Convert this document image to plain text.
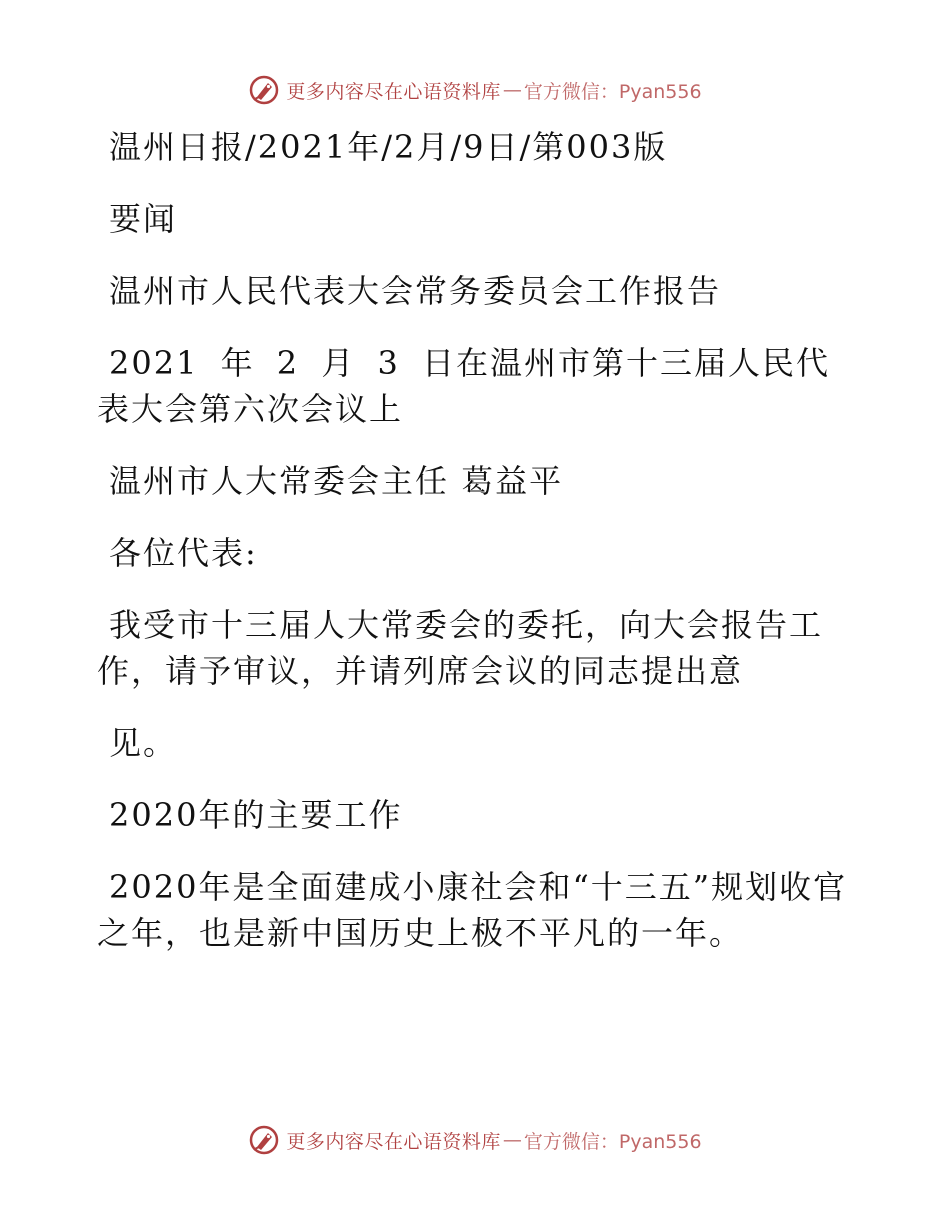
更多内容尽在心语资料库 — 官方微信：Pyan556

温州日报/2021年/2月/9日/第003版

要闻

温州市人民代表大会常务委员会工作报告

2021 年 2 月 3 日在温州市第十三届人民代表大会第六次会议上

温州市人大常委会主任 葛益平

各位代表:

我受市十三届人大常委会的委托，向大会报告工作，请予审议，并请列席会议的同志提出意

见。

2020年的主要工作

2020年是全面建成小康社会和“十三五”规划收官之年，也是新中国历史上极不平凡的一年。

更多内容尽在心语资料库 — 官方微信：Pyan556
